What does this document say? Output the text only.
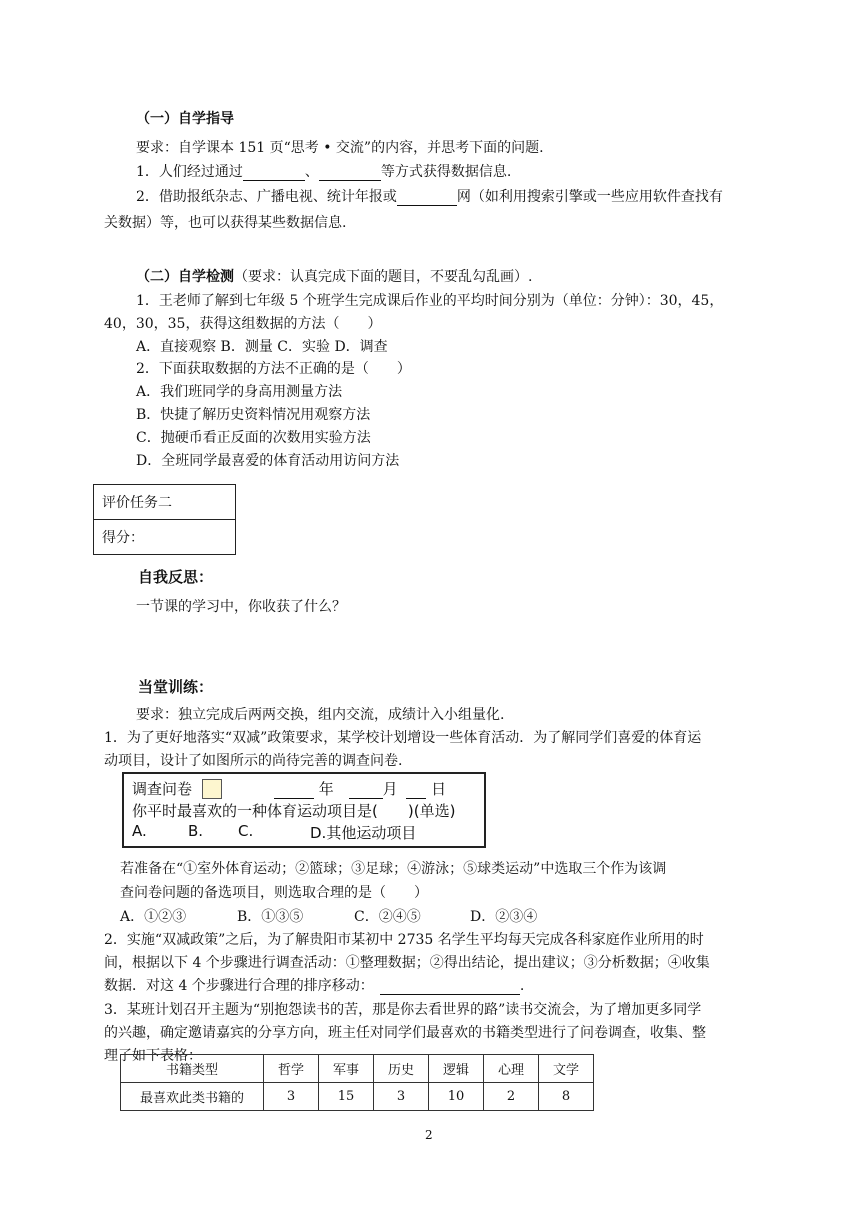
（一）自学指导
要求：自学课本 151 页“思考 • 交流”的内容，并思考下面的问题.
1．人们经过通过	、	等方式获得数据信息.
2．借助报纸杂志、广播电视、统计年报或	网（如利用搜索引擎或一些应用软件查找有
关数据）等，也可以获得某些数据信息.
（二）自学检测（要求：认真完成下面的题目，不要乱勾乱画）.
1．王老师了解到七年级 5 个班学生完成课后作业的平均时间分别为（单位：分钟）：30，45，
40，30，35，获得这组数据的方法（　　）
A．直接观察 B．测量 C．实验 D．调查
2．下面获取数据的方法不正确的是（　　）
A．我们班同学的身高用测量方法
B．快捷了解历史资料情况用观察方法
C．抛硬币看正反面的次数用实验方法
D．全班同学最喜爱的体育活动用访问方法
评价任务二
得分：
自我反思：
一节课的学习中，你收获了什么？
当堂训练：
要求：独立完成后两两交换，组内交流，成绩计入小组量化.
1．为了更好地落实“双减”政策要求，某学校计划增设一些体育活动．为了解同学们喜爱的体育运
动项目，设计了如图所示的尚待完善的调查问卷.
调查问卷	年	月 日
你平时最喜欢的一种体育运动项目是( )(单选)
A.	B. C.	D.其他运动项目
若准备在“①室外体育运动；②篮球；③足球；④游泳；⑤球类运动”中选取三个作为该调
查问卷问题的备选项目，则选取合理的是（　　）
A．①②③	B．①③⑤	C．②④⑤	D．②③④
2．实施“双减政策”之后，为了解贵阳市某初中 2735 名学生平均每天完成各科家庭作业所用的时
间，根据以下 4 个步骤进行调查活动：①整理数据；②得出结论，提出建议；③分析数据；④收集
数据．对这 4 个步骤进行合理的排序移动：	.
3．某班计划召开主题为“别抱怨读书的苦，那是你去看世界的路”读书交流会，为了增加更多同学
的兴趣，确定邀请嘉宾的分享方向，班主任对同学们最喜欢的书籍类型进行了问卷调查，收集、整
理了如下表格：
书籍类型	哲学	军事	历史	逻辑	心理	文学
最喜欢此类书籍的	3	15	3	10	2	8
2
